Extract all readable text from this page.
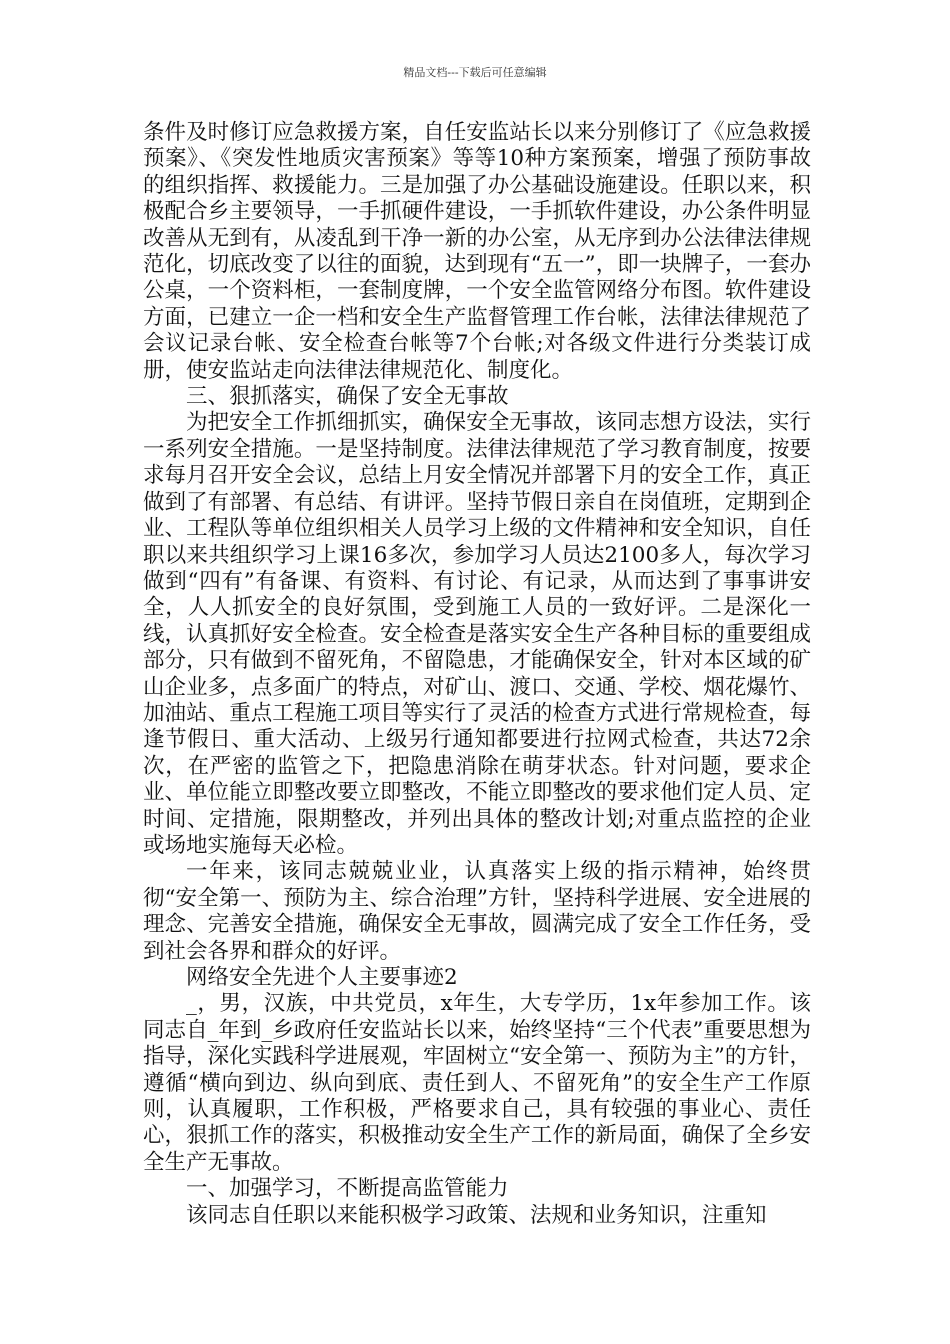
精品文档---下载后可任意编辑

条件及时修订应急救援方案，自任安监站长以来分别修订了《应急救援预案》、《突发性地质灾害预案》等等10种方案预案，增强了预防事故的组织指挥、救援能力。三是加强了办公基础设施建设。任职以来，积极配合乡主要领导，一手抓硬件建设，一手抓软件建设，办公条件明显改善从无到有，从凌乱到干净一新的办公室，从无序到办公法律法律规范化，切底改变了以往的面貌，达到现有“五一”，即一块牌子，一套办公桌，一个资料柜，一套制度牌，一个安全监管网络分布图。软件建设方面，已建立一企一档和安全生产监督管理工作台帐，法律法律规范了会议记录台帐、安全检查台帐等7个台帐;对各级文件进行分类装订成册，使安监站走向法律法律规范化、制度化。

三、狠抓落实，确保了安全无事故

为把安全工作抓细抓实，确保安全无事故，该同志想方设法，实行一系列安全措施。一是坚持制度。法律法律规范了学习教育制度，按要求每月召开安全会议，总结上月安全情况并部署下月的安全工作，真正做到了有部署、有总结、有讲评。坚持节假日亲自在岗值班，定期到企业、工程队等单位组织相关人员学习上级的文件精神和安全知识，自任职以来共组织学习上课16多次，参加学习人员达2100多人，每次学习做到“四有”有备课、有资料、有讨论、有记录，从而达到了事事讲安全，人人抓安全的良好氛围，受到施工人员的一致好评。二是深化一线，认真抓好安全检查。安全检查是落实安全生产各种目标的重要组成部分，只有做到不留死角，不留隐患，才能确保安全，针对本区域的矿山企业多，点多面广的特点，对矿山、渡口、交通、学校、烟花爆竹、加油站、重点工程施工项目等实行了灵活的检查方式进行常规检查，每逢节假日、重大活动、上级另行通知都要进行拉网式检查，共达72余次，在严密的监管之下，把隐患消除在萌芽状态。针对问题，要求企业、单位能立即整改要立即整改，不能立即整改的要求他们定人员、定时间、定措施，限期整改，并列出具体的整改计划;对重点监控的企业或场地实施每天必检。

一年来，该同志兢兢业业，认真落实上级的指示精神，始终贯彻“安全第一、预防为主、综合治理”方针，坚持科学进展、安全进展的理念、完善安全措施，确保安全无事故，圆满完成了安全工作任务，受到社会各界和群众的好评。

网络安全先进个人主要事迹2

_，男，汉族，中共党员，x年生，大专学历，1x年参加工作。该同志自_年到_乡政府任安监站长以来，始终坚持“三个代表”重要思想为指导，深化实践科学进展观，牢固树立“安全第一、预防为主”的方针，遵循“横向到边、纵向到底、责任到人、不留死角”的安全生产工作原则，认真履职，工作积极，严格要求自己，具有较强的事业心、责任心，狠抓工作的落实，积极推动安全生产工作的新局面，确保了全乡安全生产无事故。

一、加强学习，不断提高监管能力

该同志自任职以来能积极学习政策、法规和业务知识，注重知
